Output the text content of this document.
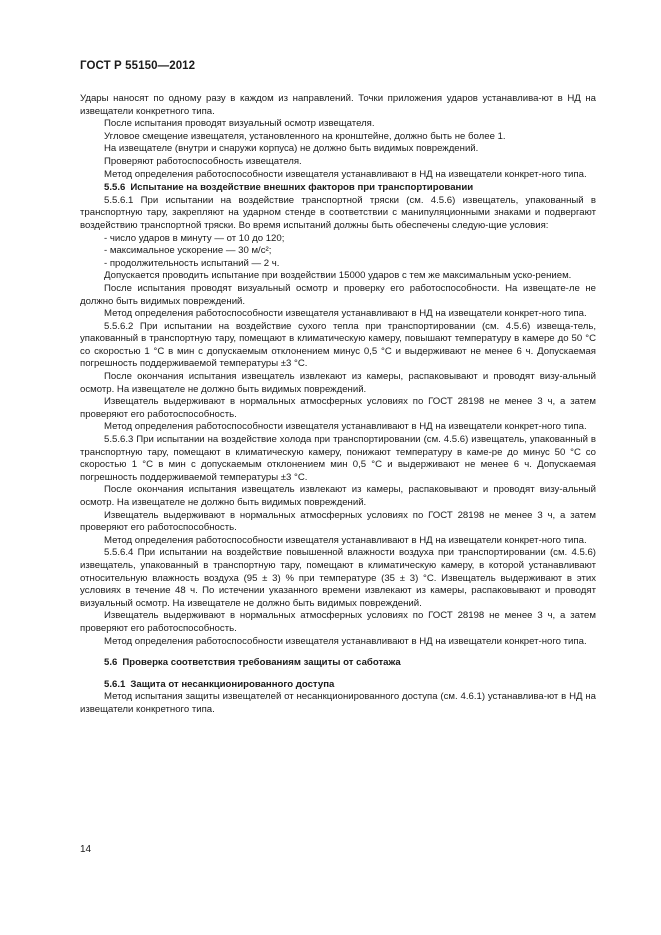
ГОСТ Р 55150—2012

Удары наносят по одному разу в каждом из направлений. Точки приложения ударов устанавлива-ют в НД на извещатели конкретного типа.

После испытания проводят визуальный осмотр извещателя.

Угловое смещение извещателя, установленного на кронштейне, должно быть не более 1.

На извещателе (внутри и снаружи корпуса) не должно быть видимых повреждений.

Проверяют работоспособность извещателя.

Метод определения работоспособности извещателя устанавливают в НД на извещатели конкрет-ного типа.

5.5.6 Испытание на воздействие внешних факторов при транспортировании

5.5.6.1 При испытании на воздействие транспортной тряски (см. 4.5.6) извещатель, упакованный в транспортную тару, закрепляют на ударном стенде в соответствии с манипуляционными знаками и подвергают воздействию транспортной тряски. Во время испытаний должны быть обеспечены следую-щие условия:

- число ударов в минуту — от 10 до 120;

- максимальное ускорение — 30 м/с²;

- продолжительность испытаний — 2 ч.

Допускается проводить испытание при воздействии 15000 ударов с тем же максимальным уско-рением.

После испытания проводят визуальный осмотр и проверку его работоспособности. На извещате-ле не должно быть видимых повреждений.

Метод определения работоспособности извещателя устанавливают в НД на извещатели конкрет-ного типа.

5.5.6.2 При испытании на воздействие сухого тепла при транспортировании (см. 4.5.6) извеща-тель, упакованный в транспортную тару, помещают в климатическую камеру, повышают температуру в камере до 50 °С со скоростью 1 °С в мин с допускаемым отклонением минус 0,5 °С и выдерживают не менее 6 ч. Допускаемая погрешность поддерживаемой температуры ±3 °С.

После окончания испытания извещатель извлекают из камеры, распаковывают и проводят визу-альный осмотр. На извещателе не должно быть видимых повреждений.

Извещатель выдерживают в нормальных атмосферных условиях по ГОСТ 28198 не менее 3 ч, а затем проверяют его работоспособность.

Метод определения работоспособности извещателя устанавливают в НД на извещатели конкрет-ного типа.

5.5.6.3 При испытании на воздействие холода при транспортировании (см. 4.5.6) извещатель, упакованный в транспортную тару, помещают в климатическую камеру, понижают температуру в каме-ре до минус 50 °С со скоростью 1 °С в мин с допускаемым отклонением мин 0,5 °С и выдерживают не менее 6 ч. Допускаемая погрешность поддерживаемой температуры ±3 °С.

После окончания испытания извещатель извлекают из камеры, распаковывают и проводят визу-альный осмотр. На извещателе не должно быть видимых повреждений.

Извещатель выдерживают в нормальных атмосферных условиях по ГОСТ 28198 не менее 3 ч, а затем проверяют его работоспособность.

Метод определения работоспособности извещателя устанавливают в НД на извещатели конкрет-ного типа.

5.5.6.4 При испытании на воздействие повышенной влажности воздуха при транспортировании (см. 4.5.6) извещатель, упакованный в транспортную тару, помещают в климатическую камеру, в которой устанавливают относительную влажность воздуха (95 ± 3) % при температуре (35 ± 3) °С. Извещатель выдерживают в этих условиях в течение 48 ч. По истечении указанного времени извлекают из камеры, распаковывают и проводят визуальный осмотр. На извещателе не должно быть видимых повреждений.

Извещатель выдерживают в нормальных атмосферных условиях по ГОСТ 28198 не менее 3 ч, а затем проверяют его работоспособность.

Метод определения работоспособности извещателя устанавливают в НД на извещатели конкрет-ного типа.

5.6 Проверка соответствия требованиям защиты от саботажа

5.6.1 Защита от несанкционированного доступа

Метод испытания защиты извещателей от несанкционированного доступа (см. 4.6.1) устанавлива-ют в НД на извещатели конкретного типа.

14
